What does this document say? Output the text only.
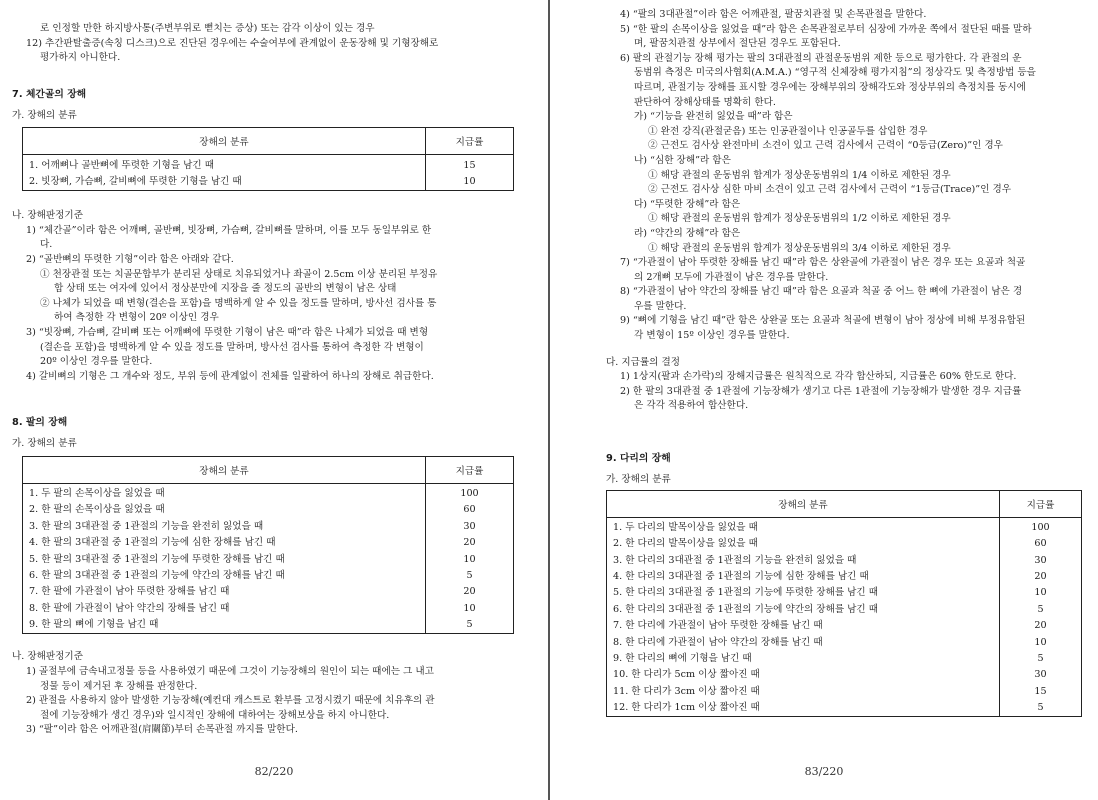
로 인정할 만한 하지방사통(주변부위로 뻗치는 증상) 또는 감각 이상이 있는 경우

12) 추간판탈출증(속칭 디스크)으로 진단된 경우에는 수술여부에 관계없이 운동장해 및 기형장해로

평가하지 아니한다.

7. 체간골의 장해

가. 장해의 분류

장해의 분류	지급률
1. 어깨뼈나 골반뼈에 뚜렷한 기형을 남긴 때	15
2. 빗장뼈, 가슴뼈, 갈비뼈에 뚜렷한 기형을 남긴 때	10

나. 장해판정기준

1) “체간골”이라 함은 어깨뼈, 골반뼈, 빗장뼈, 가슴뼈, 갈비뼈를 말하며, 이를 모두 동일부위로 한

다.

2) “골반뼈의 뚜렷한 기형”이라 함은 아래와 같다.

① 천장관절 또는 치골문합부가 분리된 상태로 치유되었거나 좌골이 2.5cm 이상 분리된 부정유

합 상태 또는 여자에 있어서 정상분만에 지장을 줄 정도의 골반의 변형이 남은 상태

② 나체가 되었을 때 변형(결손을 포함)을 명백하게 알 수 있을 정도를 말하며, 방사선 검사를 통

하여 측정한 각 변형이 20º 이상인 경우

3) “빗장뼈, 가슴뼈, 갈비뼈 또는 어깨뼈에 뚜렷한 기형이 남은 때”라 함은 나체가 되었을 때 변형

(결손을 포함)을 명백하게 알 수 있을 정도를 말하며, 방사선 검사를 통하여 측정한 각 변형이

20º 이상인 경우를 말한다.

4) 갈비뼈의 기형은 그 개수와 정도, 부위 등에 관계없이 전체를 일괄하여 하나의 장해로 취급한다.

8. 팔의 장해

가. 장해의 분류

장해의 분류	지급률
1. 두 팔의 손목이상을 잃었을 때	100
2. 한 팔의 손목이상을 잃었을 때	60
3. 한 팔의 3대관절 중 1관절의 기능을 완전히 잃었을 때	30
4. 한 팔의 3대관절 중 1관절의 기능에 심한 장해를 남긴 때	20
5. 한 팔의 3대관절 중 1관절의 기능에 뚜렷한 장해를 남긴 때	10
6. 한 팔의 3대관절 중 1관절의 기능에 약간의 장해를 남긴 때	5
7. 한 팔에 가관절이 남아 뚜렷한 장해를 남긴 때	20
8. 한 팔에 가관절이 남아 약간의 장해를 남긴 때	10
9. 한 팔의 뼈에 기형을 남긴 때	5

나. 장해판정기준

1) 골절부에 금속내고정물 등을 사용하였기 때문에 그것이 기능장해의 원인이 되는 때에는 그 내고

정물 등이 제거된 후 장해를 판정한다.

2) 관절을 사용하지 않아 발생한 기능장해(예컨대 캐스트로 환부를 고정시켰기 때문에 치유후의 관

절에 기능장해가 생긴 경우)와 일시적인 장해에 대하여는 장해보상을 하지 아니한다.

3) “팔”이라 함은 어깨관절(肩關節)부터 손목관절 까지를 말한다.

82/220

4) “팔의 3대관절”이라 함은 어깨관절, 팔꿈치관절 및 손목관절을 말한다.

5) “한 팔의 손목이상을 잃었을 때”라 함은 손목관절로부터 심장에 가까운 쪽에서 절단된 때를 말하

며, 팔꿈치관절 상부에서 절단된 경우도 포함된다.

6) 팔의 관절기능 장해 평가는 팔의 3대관절의 관절운동범위 제한 등으로 평가한다. 각 관절의 운

동범위 측정은 미국의사협회(A.M.A.) “영구적 신체장해 평가지침”의 정상각도 및 측정방법 등을

따르며, 관절기능 장해를 표시할 경우에는 장해부위의 장해각도와 정상부위의 측정치를 동시에

판단하여 장해상태를 명확히 한다.

가) “기능을 완전히 잃었을 때”라 함은

① 완전 강직(관절굳음) 또는 인공관절이나 인공골두를 삽입한 경우

② 근전도 검사상 완전마비 소견이 있고 근력 검사에서 근력이 “0등급(Zero)”인 경우

나) “심한 장해”라 함은

① 해당 관절의 운동범위 합계가 정상운동범위의 1/4 이하로 제한된 경우

② 근전도 검사상 심한 마비 소견이 있고 근력 검사에서 근력이 “1등급(Trace)”인 경우

다) “뚜렷한 장해”라 함은

① 해당 관절의 운동범위 합계가 정상운동범위의 1/2 이하로 제한된 경우

라) “약간의 장해”라 함은

① 해당 관절의 운동범위 합계가 정상운동범위의 3/4 이하로 제한된 경우

7) “가관절이 남아 뚜렷한 장해를 남긴 때”라 함은 상완골에 가관절이 남은 경우 또는 요골과 척골

의 2개뼈 모두에 가관절이 남은 경우를 말한다.

8) “가관절이 남아 약간의 장해를 남긴 때”라 함은 요골과 척골 중 어느 한 뼈에 가관절이 남은 경

우를 말한다.

9) “뼈에 기형을 남긴 때”란 함은 상완골 또는 요골과 척골에 변형이 남아 정상에 비해 부정유합된

각 변형이 15º 이상인 경우를 말한다.

다. 지급률의 결정

1) 1상지(팔과 손가락)의 장해지급률은 원칙적으로 각각 합산하되, 지급률은 60% 한도로 한다.

2) 한 팔의 3대관절 중 1관절에 기능장해가 생기고 다른 1관절에 기능장해가 발생한 경우 지급률

은 각각 적용하여 합산한다.

9. 다리의 장해

가. 장해의 분류

장해의 분류	지급률
1. 두 다리의 발목이상을 잃었을 때	100
2. 한 다리의 발목이상을 잃었을 때	60
3. 한 다리의 3대관절 중 1관절의 기능을 완전히 잃었을 때	30
4. 한 다리의 3대관절 중 1관절의 기능에 심한 장해를 남긴 때	20
5. 한 다리의 3대관절 중 1관절의 기능에 뚜렷한 장해를 남긴 때	10
6. 한 다리의 3대관절 중 1관절의 기능에 약간의 장해를 남긴 때	5
7. 한 다리에 가관절이 남아 뚜렷한 장해를 남긴 때	20
8. 한 다리에 가관절이 남아 약간의 장해를 남긴 때	10
9. 한 다리의 뼈에 기형을 남긴 때	5
10. 한 다리가 5cm 이상 짧아진 때	30
11. 한 다리가 3cm 이상 짧아진 때	15
12. 한 다리가 1cm 이상 짧아진 때	5
83/220
